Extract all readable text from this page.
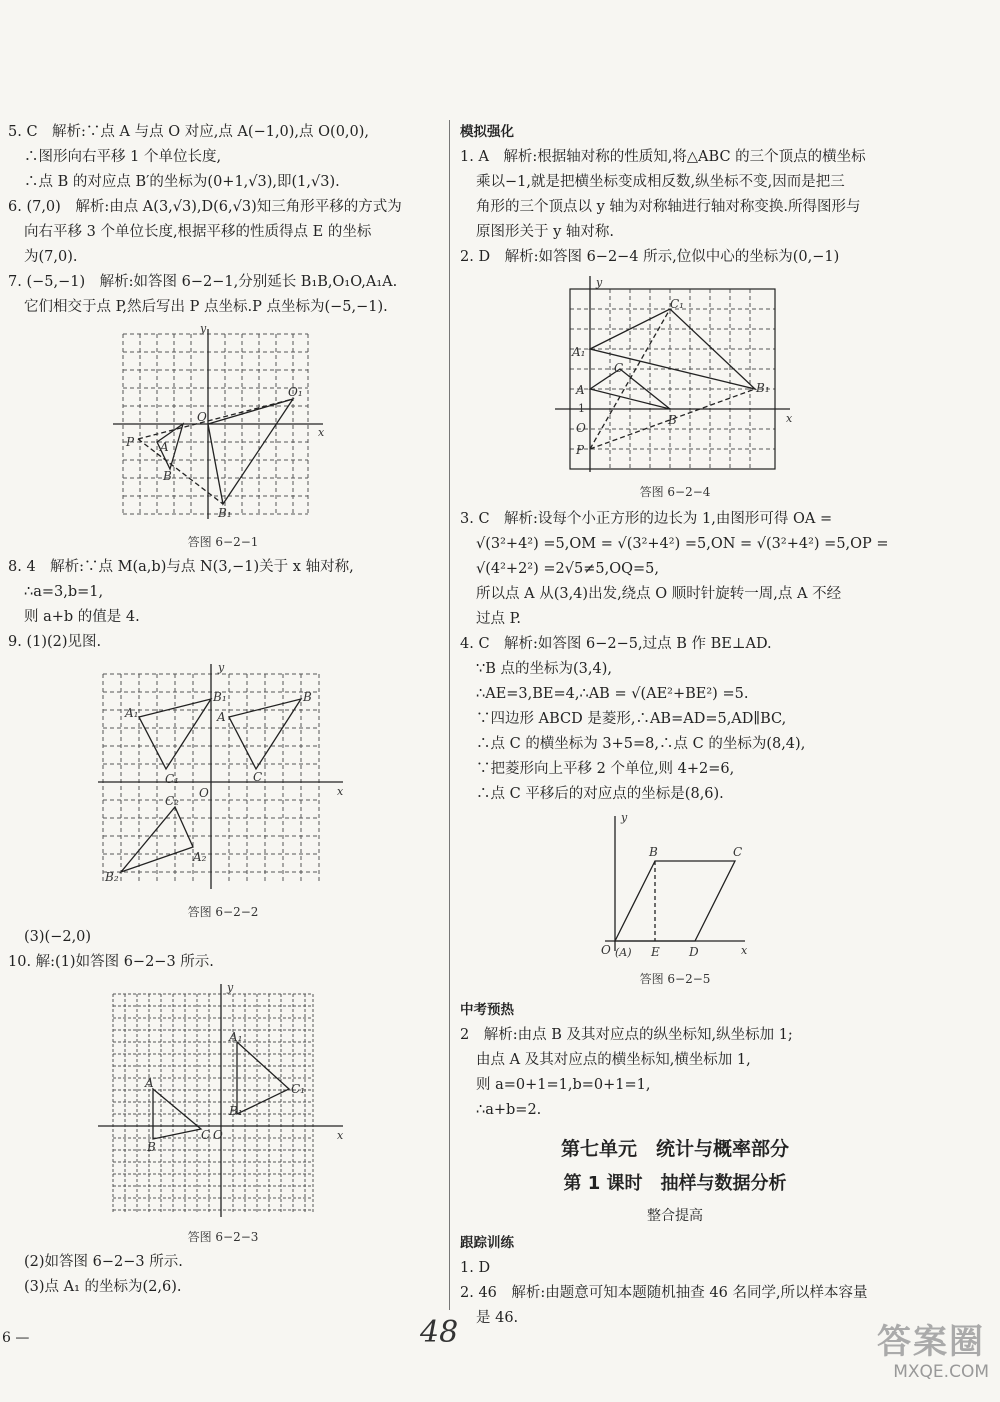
5. C　解析:∵点 A 与点 O 对应,点 A(−1,0),点 O(0,0),
∴图形向右平移 1 个单位长度,
∴点 B 的对应点 B′的坐标为(0+1,√3),即(1,√3).
6. (7,0)　解析:由点 A(3,√3),D(6,√3)知三角形平移的方式为
向右平移 3 个单位长度,根据平移的性质得点 E 的坐标
为(7,0).
7. (−5,−1)　解析:如答图 6−2−1,分别延长 B₁B,O₁O,A₁A.
它们相交于点 P,然后写出 P 点坐标.P 点坐标为(−5,−1).
y
x
O
O₁
P A
B
B₁
答图 6−2−1
8. 4　解析:∵点 M(a,b)与点 N(3,−1)关于 x 轴对称,
∴a=3,b=1,
则 a+b 的值是 4.
9. (1)(2)见图.
y
x
O
A₁
B₁
C₁
A
B
C
C₂
A₂
B₂
答图 6−2−2
(3)(−2,0)
10. 解:(1)如答图 6−2−3 所示.
y
x
A₁
C₁
B₁
A
B
C O
答图 6−2−3
(2)如答图 6−2−3 所示.
(3)点 A₁ 的坐标为(2,6).
模拟强化
1. A　解析:根据轴对称的性质知,将△ABC 的三个顶点的横坐标
乘以−1,就是把横坐标变成相反数,纵坐标不变,因而是把三
角形的三个顶点以 y 轴为对称轴进行轴对称变换.所得图形与
原图形关于 y 轴对称.
2. D　解析:如答图 6−2−4 所示,位似中心的坐标为(0,−1)
y
x
O
P
A
A₁
B
B₁
C
C₁
1
答图 6−2−4
3. C　解析:设每个小正方形的边长为 1,由图形可得 OA =
√(3²+4²) =5,OM = √(3²+4²) =5,ON = √(3²+4²) =5,OP =
√(4²+2²) =2√5≠5,OQ=5,
所以点 A 从(3,4)出发,绕点 O 顺时针旋转一周,点 A 不经
过点 P.
4. C　解析:如答图 6−2−5,过点 B 作 BE⊥AD.
∵B 点的坐标为(3,4),
∴AE=3,BE=4,∴AB = √(AE²+BE²) =5.
∵四边形 ABCD 是菱形,∴AB=AD=5,AD∥BC,
∴点 C 的横坐标为 3+5=8,∴点 C 的坐标为(8,4),
∵把菱形向上平移 2 个单位,则 4+2=6,
∴点 C 平移后的对应点的坐标是(8,6).
y
x
O (A) E D
B	C
答图 6−2−5
中考预热
2　解析:由点 B 及其对应点的纵坐标知,纵坐标加 1;
由点 A 及其对应点的横坐标知,横坐标加 1,
则 a=0+1=1,b=0+1=1,
∴a+b=2.
第七单元　统计与概率部分
第 1 课时　抽样与数据分析
整合提高
跟踪训练
1. D
2. 46　解析:由题意可知本题随机抽查 46 名同学,所以样本容量
是 46.
6 —	48	答案圈
MXQE.COM
